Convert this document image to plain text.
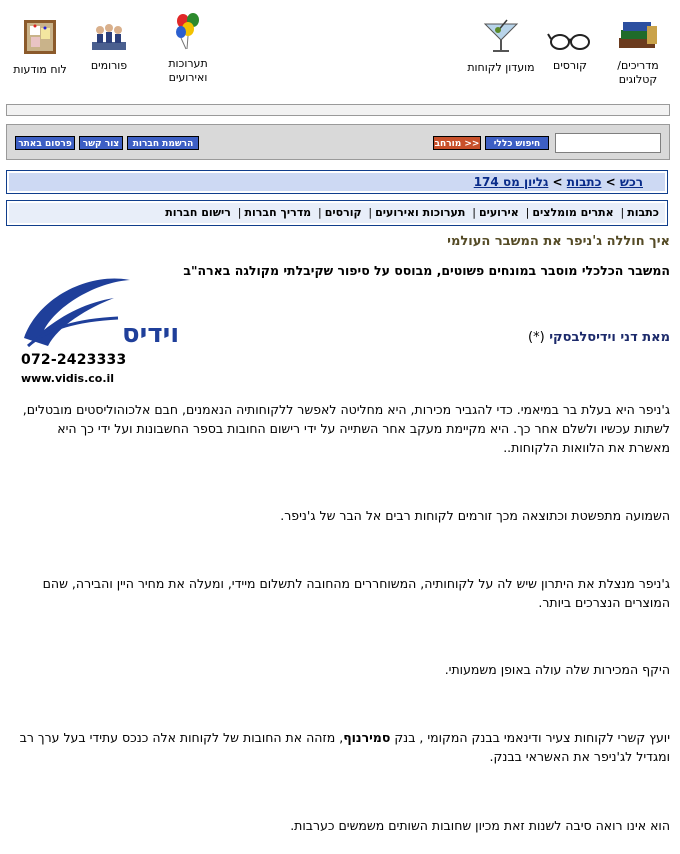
מדריכים/
קטלוגים
קורסים
מועדון לקוחות
תערוכות
ואירועים
פורומים
לוח מודעות
חיפוש כללי
מורחב >>
פרסום באתר	צור קשר	הרשמת חברות
רכש > כתבות > גליון מס 174
כתבות| אתרים מומלצים| אירועים| תערוכות ואירועים| קורסים| מדריך חברות| רישום חברות
איך חוללה ג'ניפר את המשבר העולמי
המשבר הכלכלי מוסבר במונחים פשוטים, מבוסס על סיפור שקיבלתי מקולגה בארה"ב
וידיס
072-2423333
www.vidis.co.il
מאת דני וידיסלבסקי (*)
ג'ניפר היא בעלת בר במיאמי. כדי להגביר מכירות, היא מחליטה לאפשר ללקוחותיה הנאמנים, חבם אלכוהוליסטים מובטלים, לשתות עכשיו ולשלם אחר כך. היא מקיימת מעקב אחר השתייה על ידי רישום החובות בספר החשבונות ועל ידי כך היא מאשרת את הלוואות הלקוחות..
השמועה מתפשטת וכתוצאה מכך זורמים לקוחות רבים אל הבר של ג'ניפר.
ג'ניפר מנצלת את היתרון שיש לה על לקוחותיה, המשוחררים מהחובה לתשלום מיידי, ומעלה את מחיר היין והבירה, שהם המוצרים הנצרכים ביותר.
היקף המכירות שלה עולה באופן משמעותי.
יועץ קשרי לקוחות צעיר ודינאמי בבנק המקומי , בנק סמירנוף, מזהה את החובות של לקוחות אלה כנכס עתידי בעל ערך רב ומגדיל לג'ניפר את האשראי בבנק.
הוא אינו רואה סיבה לשנות זאת מכיון שחובות השותים משמשים כערבות.
